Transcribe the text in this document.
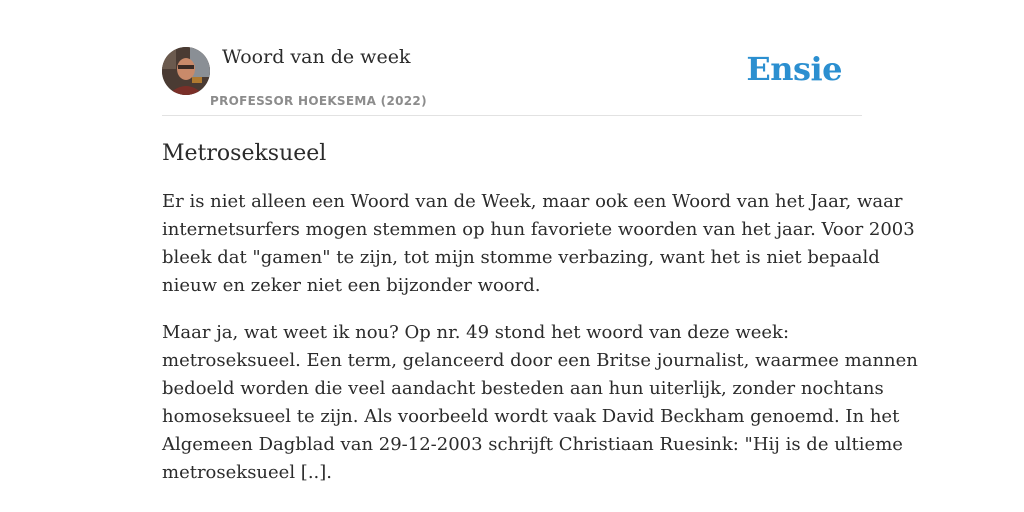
Woord van de week
PROFESSOR HOEKSEMA (2022)
Ensie
Metroseksueel

Er is niet alleen een Woord van de Week, maar ook een Woord van het Jaar, waar
internetsurfers mogen stemmen op hun favoriete woorden van het jaar. Voor 2003
bleek dat "gamen" te zijn, tot mijn stomme verbazing, want het is niet bepaald
nieuw en zeker niet een bijzonder woord.

Maar ja, wat weet ik nou? Op nr. 49 stond het woord van deze week:
metroseksueel. Een term, gelanceerd door een Britse journalist, waarmee mannen
bedoeld worden die veel aandacht besteden aan hun uiterlijk, zonder nochtans
homoseksueel te zijn. Als voorbeeld wordt vaak David Beckham genoemd. In het
Algemeen Dagblad van 29-12-2003 schrijft Christiaan Ruesink: "Hij is de ultieme
metroseksueel [..].
